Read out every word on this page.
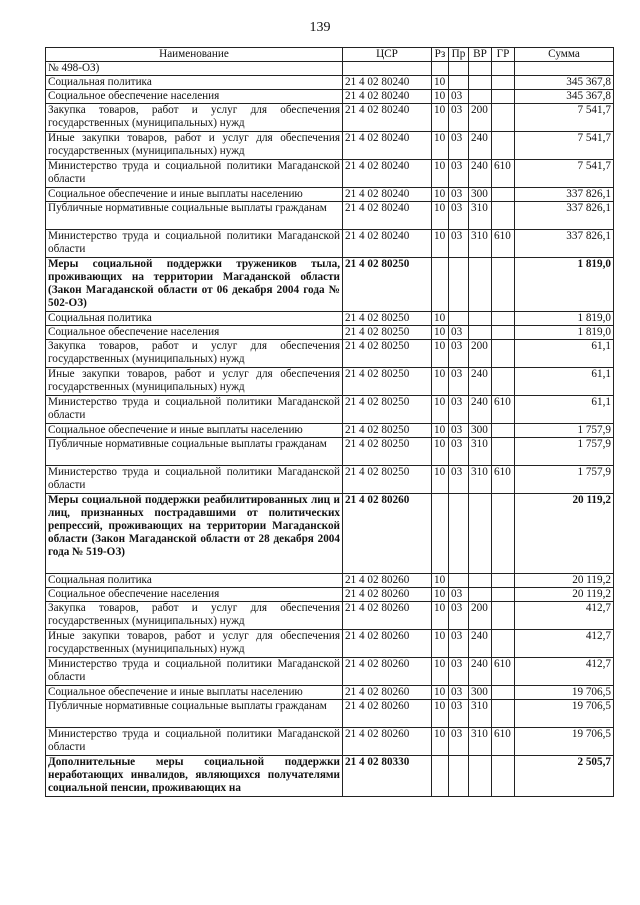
139
Наименование	ЦСР	Рз	Пр	ВР	ГР	Сумма
№ 498-ОЗ)						
Социальная политика	21 4 02 80240	10				345 367,8
Социальное обеспечение населения	21 4 02 80240	10	03			345 367,8
Закупка товаров, работ и услуг для обеспечения государственных (муниципальных) нужд	21 4 02 80240	10	03	200		7 541,7
Иные закупки товаров, работ и услуг для обеспечения государственных (муниципальных) нужд	21 4 02 80240	10	03	240		7 541,7
Министерство труда и социальной политики Магаданской области	21 4 02 80240	10	03	240	610	7 541,7
Социальное обеспечение и иные выплаты населению	21 4 02 80240	10	03	300		337 826,1
Публичные нормативные социальные выплаты гражданам	21 4 02 80240	10	03	310		337 826,1
Министерство труда и социальной политики Магаданской области	21 4 02 80240	10	03	310	610	337 826,1
Меры социальной поддержки тружеников тыла, проживающих на территории Магаданской области (Закон Магаданской области от 06 декабря 2004 года № 502-ОЗ)	21 4 02 80250					1 819,0
Социальная политика	21 4 02 80250	10				1 819,0
Социальное обеспечение населения	21 4 02 80250	10	03			1 819,0
Закупка товаров, работ и услуг для обеспечения государственных (муниципальных) нужд	21 4 02 80250	10	03	200		61,1
Иные закупки товаров, работ и услуг для обеспечения государственных (муниципальных) нужд	21 4 02 80250	10	03	240		61,1
Министерство труда и социальной политики Магаданской области	21 4 02 80250	10	03	240	610	61,1
Социальное обеспечение и иные выплаты населению	21 4 02 80250	10	03	300		1 757,9
Публичные нормативные социальные выплаты гражданам	21 4 02 80250	10	03	310		1 757,9
Министерство труда и социальной политики Магаданской области	21 4 02 80250	10	03	310	610	1 757,9
Меры социальной поддержки реабилитированных лиц и лиц, признанных пострадавшими от политических репрессий, проживающих на территории Магаданской области (Закон Магаданской области от 28 декабря 2004 года № 519-ОЗ)	21 4 02 80260					20 119,2
Социальная политика	21 4 02 80260	10				20 119,2
Социальное обеспечение населения	21 4 02 80260	10	03			20 119,2
Закупка товаров, работ и услуг для обеспечения государственных (муниципальных) нужд	21 4 02 80260	10	03	200		412,7
Иные закупки товаров, работ и услуг для обеспечения государственных (муниципальных) нужд	21 4 02 80260	10	03	240		412,7
Министерство труда и социальной политики Магаданской области	21 4 02 80260	10	03	240	610	412,7
Социальное обеспечение и иные выплаты населению	21 4 02 80260	10	03	300		19 706,5
Публичные нормативные социальные выплаты гражданам	21 4 02 80260	10	03	310		19 706,5
Министерство труда и социальной политики Магаданской области	21 4 02 80260	10	03	310	610	19 706,5
Дополнительные меры социальной поддержки неработающих инвалидов, являющихся получателями социальной пенсии, проживающих на	21 4 02 80330					2 505,7
